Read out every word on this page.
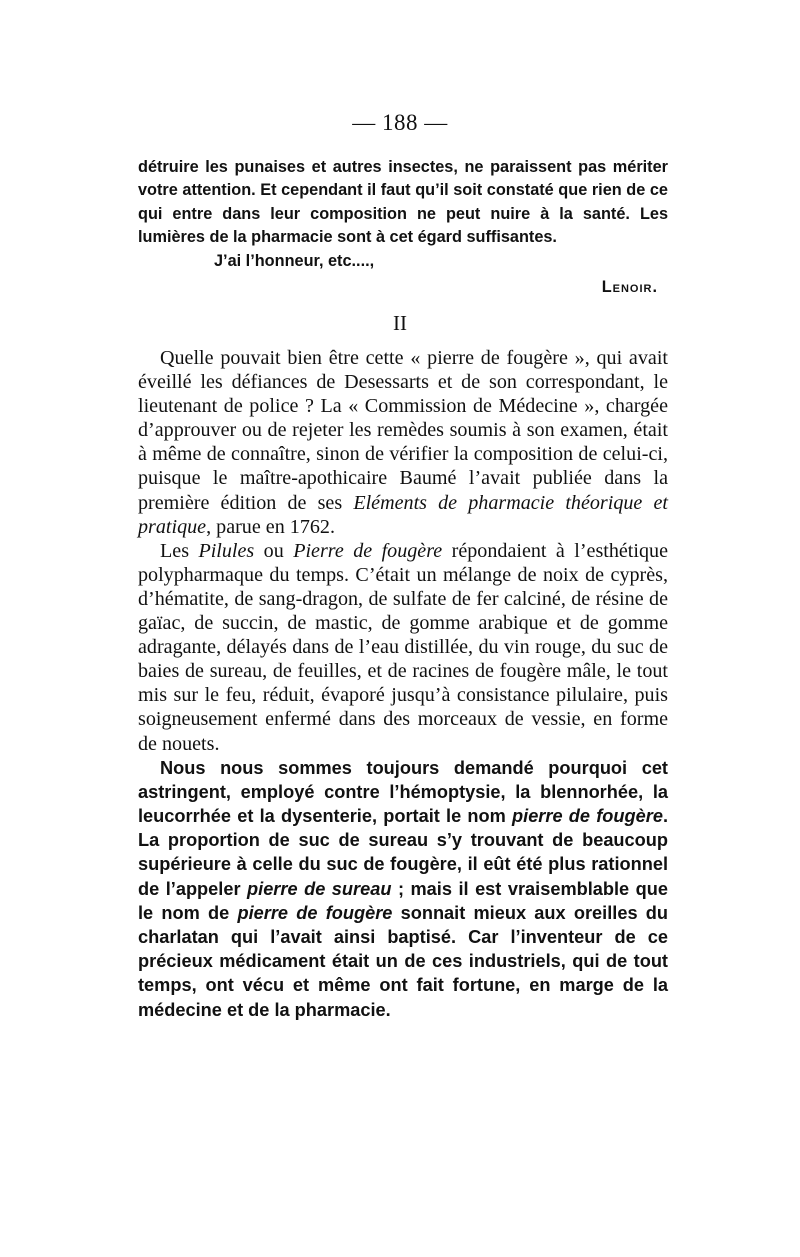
— 188 —

détruire les punaises et autres insectes, ne paraissent pas mériter votre attention. Et cependant il faut qu’il soit constaté que rien de ce qui entre dans leur composition ne peut nuire à la santé. Les lumières de la pharmacie sont à cet égard suffisantes.

J’ai l’honneur, etc....,

Lenoir.

II

Quelle pouvait bien être cette « pierre de fougère », qui avait éveillé les défiances de Desessarts et de son correspondant, le lieutenant de police ? La « Commission de Médecine », chargée d’approuver ou de rejeter les remèdes soumis à son examen, était à même de connaître, sinon de vérifier la composition de celui-ci, puisque le maître-apothicaire Baumé l’avait publiée dans la première édition de ses Eléments de pharmacie théorique et pratique, parue en 1762.

Les Pilules ou Pierre de fougère répondaient à l’esthétique polypharmaque du temps. C’était un mélange de noix de cyprès, d’hématite, de sang-dragon, de sulfate de fer calciné, de résine de gaïac, de succin, de mastic, de gomme arabique et de gomme adragante, délayés dans de l’eau distillée, du vin rouge, du suc de baies de sureau, de feuilles, et de racines de fougère mâle, le tout mis sur le feu, réduit, évaporé jusqu’à consistance pilulaire, puis soigneusement enfermé dans des morceaux de vessie, en forme de nouets.

Nous nous sommes toujours demandé pourquoi cet astringent, employé contre l’hémoptysie, la blennorhée, la leucorrhée et la dysenterie, portait le nom pierre de fougère. La proportion de suc de sureau s’y trouvant de beaucoup supérieure à celle du suc de fougère, il eût été plus rationnel de l’appeler pierre de sureau ; mais il est vraisemblable que le nom de pierre de fougère sonnait mieux aux oreilles du charlatan qui l’avait ainsi baptisé. Car l’inventeur de ce précieux médicament était un de ces industriels, qui de tout temps, ont vécu et même ont fait fortune, en marge de la médecine et de la pharmacie.
